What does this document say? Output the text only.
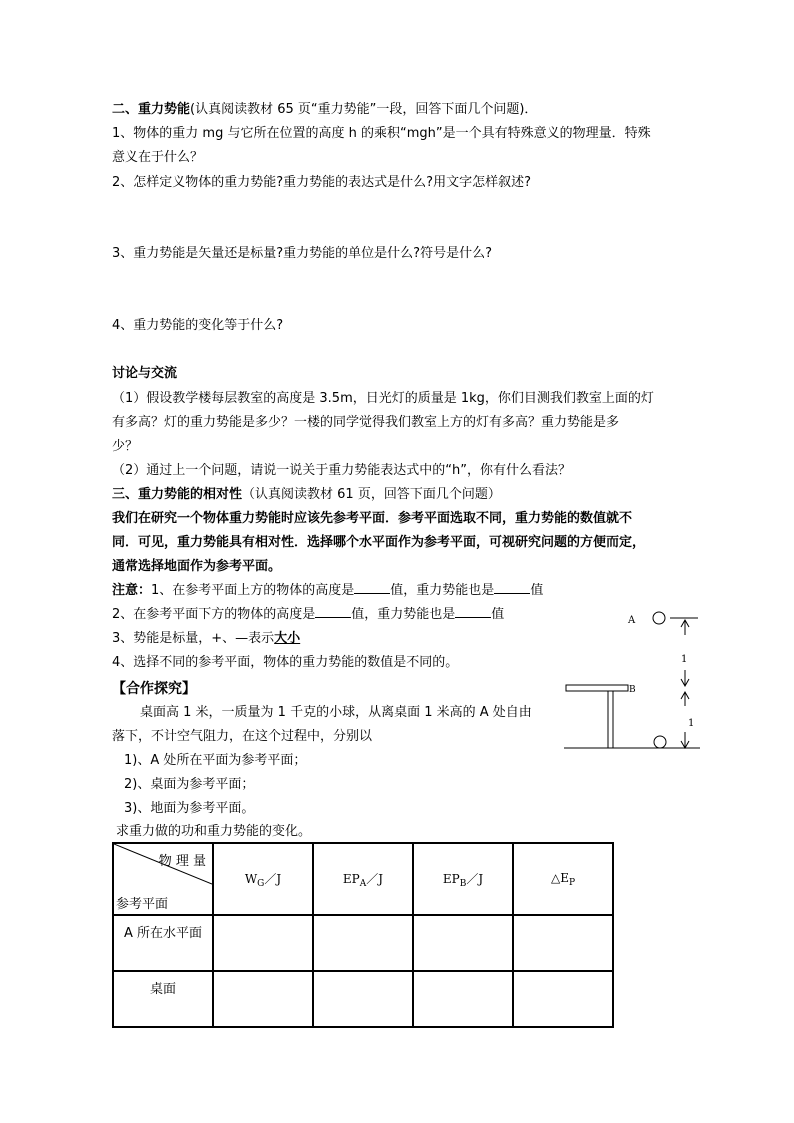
二、重力势能(认真阅读教材 65 页“重力势能”一段，回答下面几个问题)．
1、物体的重力 mg 与它所在位置的高度 h 的乘积“mgh”是一个具有特殊意义的物理量．特殊
意义在于什么？
2、怎样定义物体的重力势能?重力势能的表达式是什么?用文字怎样叙述?
3、重力势能是矢量还是标量?重力势能的单位是什么?符号是什么?
4、重力势能的变化等于什么?
讨论与交流
（1）假设教学楼每层教室的高度是 3.5m，日光灯的质量是 1kg，你们目测我们教室上面的灯
有多高？灯的重力势能是多少？一楼的同学觉得我们教室上方的灯有多高？重力势能是多
少？
（2）通过上一个问题，请说一说关于重力势能表达式中的“h”，你有什么看法？
三、重力势能的相对性（认真阅读教材 61 页，回答下面几个问题）
我们在研究一个物体重力势能时应该先参考平面．参考平面选取不同，重力势能的数值就不
同．可见，重力势能具有相对性．选择哪个水平面作为参考平面，可视研究问题的方便而定，
通常选择地面作为参考平面。
注意：1、在参考平面上方的物体的高度是	值，重力势能也是	值
2、在参考平面下方的物体的高度是	值，重力势能也是	值
3、势能是标量，+、—表示大小
4、选择不同的参考平面，物体的重力势能的数值是不同的。
【合作探究】
桌面高 1 米，一质量为 1 千克的小球，从离桌面 1 米高的 A 处自由
落下，不计空气阻力，在这个过程中，分别以
1)、A 处所在平面为参考平面；
2)、桌面为参考平面；
3)、地面为参考平面。
求重力做的功和重力势能的变化。
A
1
B
1
物 理 量
参考平面	$W_G/J$	$EP_A/J$	$EP_B/J$	$\triangle E_P$
A 所在水平面				
桌面				
